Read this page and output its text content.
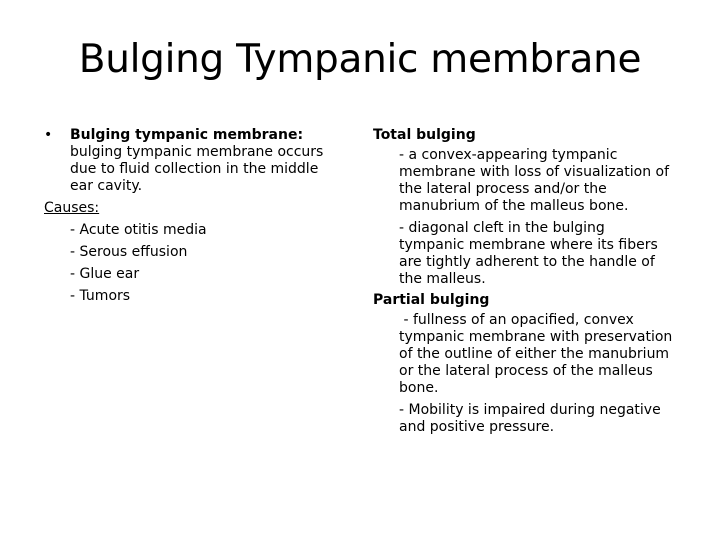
Bulging Tympanic membrane
•	Bulging tympanic membrane: bulging tympanic membrane occurs due to fluid collection in the middle ear cavity.
Causes:
- Acute otitis media
- Serous effusion
- Glue ear
- Tumors
Total bulging
- a convex-appearing tympanic membrane with loss of visualization of the lateral process and/or the manubrium of the malleus bone.
- diagonal cleft in the bulging tympanic membrane where its fibers are tightly adherent to the handle of the malleus.
Partial bulging
- fullness of an opacified, convex tympanic membrane with preservation of the outline of either the manubrium or the lateral process of the malleus bone.
- Mobility is impaired during negative and positive pressure.
